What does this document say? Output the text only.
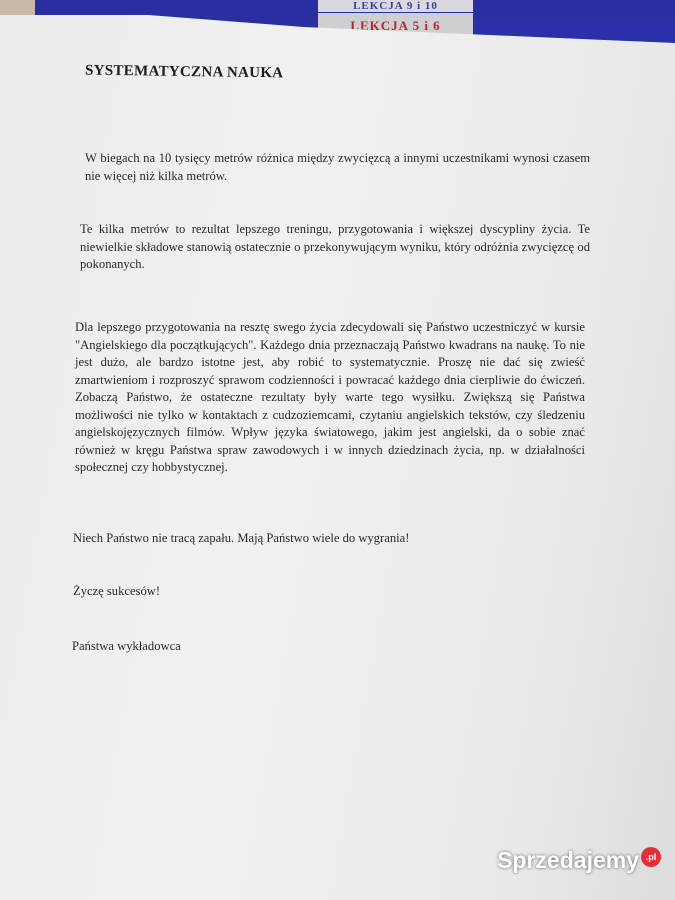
LEKCJA 9 i 10
LEKCJA 5 i 6
SYSTEMATYCZNA NAUKA
W biegach na 10 tysięcy metrów różnica między zwycięzcą a innymi uczestnikami wynosi czasem nie więcej niż kilka metrów.
Te kilka metrów to rezultat lepszego treningu, przygotowania i większej dyscypliny życia. Te niewielkie składowe stanowią ostatecznie o przekonywującym wyniku, który odróżnia zwycięzcę od pokonanych.
Dla lepszego przygotowania na resztę swego życia zdecydowali się Państwo uczestniczyć w kursie "Angielskiego dla początkujących". Każdego dnia przeznaczają Państwo kwadrans na naukę. To nie jest dużo, ale bardzo istotne jest, aby robić to systematycznie. Proszę nie dać się zwieść zmartwieniom i rozproszyć sprawom codzienności i powracać każdego dnia cierpliwie do ćwiczeń. Zobaczą Państwo, że ostateczne rezultaty były warte tego wysiłku. Zwiększą się Państwa możliwości nie tylko w kontaktach z cudzoziemcami, czytaniu angielskich tekstów, czy śledzeniu angielskojęzycznych filmów. Wpływ języka światowego, jakim jest angielski, da o sobie znać również w kręgu Państwa spraw zawodowych i w innych dziedzinach życia, np. w działalności społecznej czy hobbystycznej.
Niech Państwo nie tracą zapału. Mają Państwo wiele do wygrania!
Życzę sukcesów!
Państwa wykładowca
Sprzedajemy .pl
